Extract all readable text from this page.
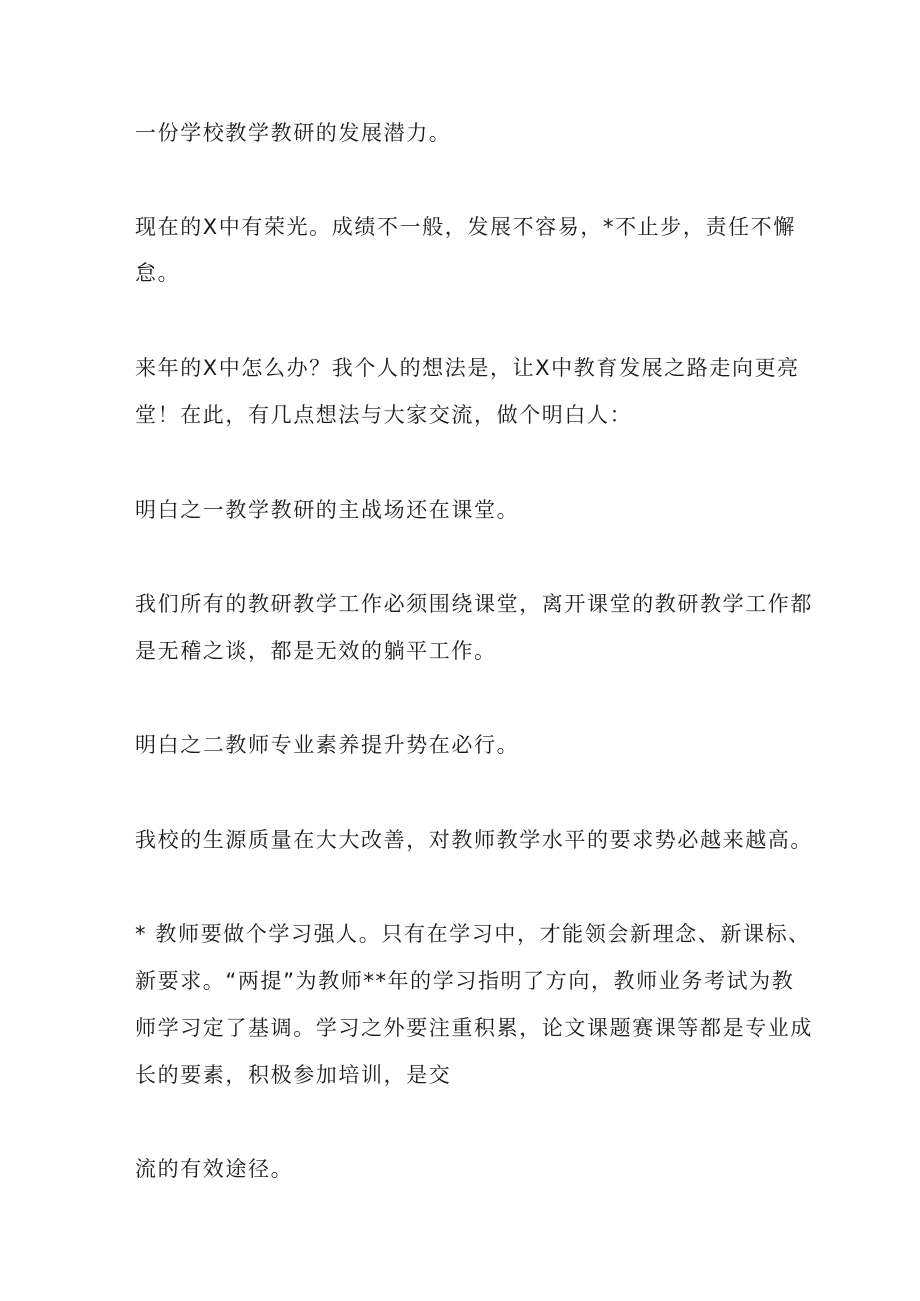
一份学校教学教研的发展潜力。
现在的X中有荣光。成绩不一般，发展不容易，*不止步，责任不懈
怠。
来年的X中怎么办？我个人的想法是，让X中教育发展之路走向更亮
堂！在此，有几点想法与大家交流，做个明白人：
明白之一教学教研的主战场还在课堂。
我们所有的教研教学工作必须围绕课堂，离开课堂的教研教学工作都
是无稽之谈，都是无效的躺平工作。
明白之二教师专业素养提升势在必行。
我校的生源质量在大大改善，对教师教学水平的要求势必越来越高。
* 教师要做个学习强人。只有在学习中，才能领会新理念、新课标、
新要求。“两提”为教师**年的学习指明了方向，教师业务考试为教
师学习定了基调。学习之外要注重积累，论文课题赛课等都是专业成
长的要素，积极参加培训，是交
流的有效途径。
